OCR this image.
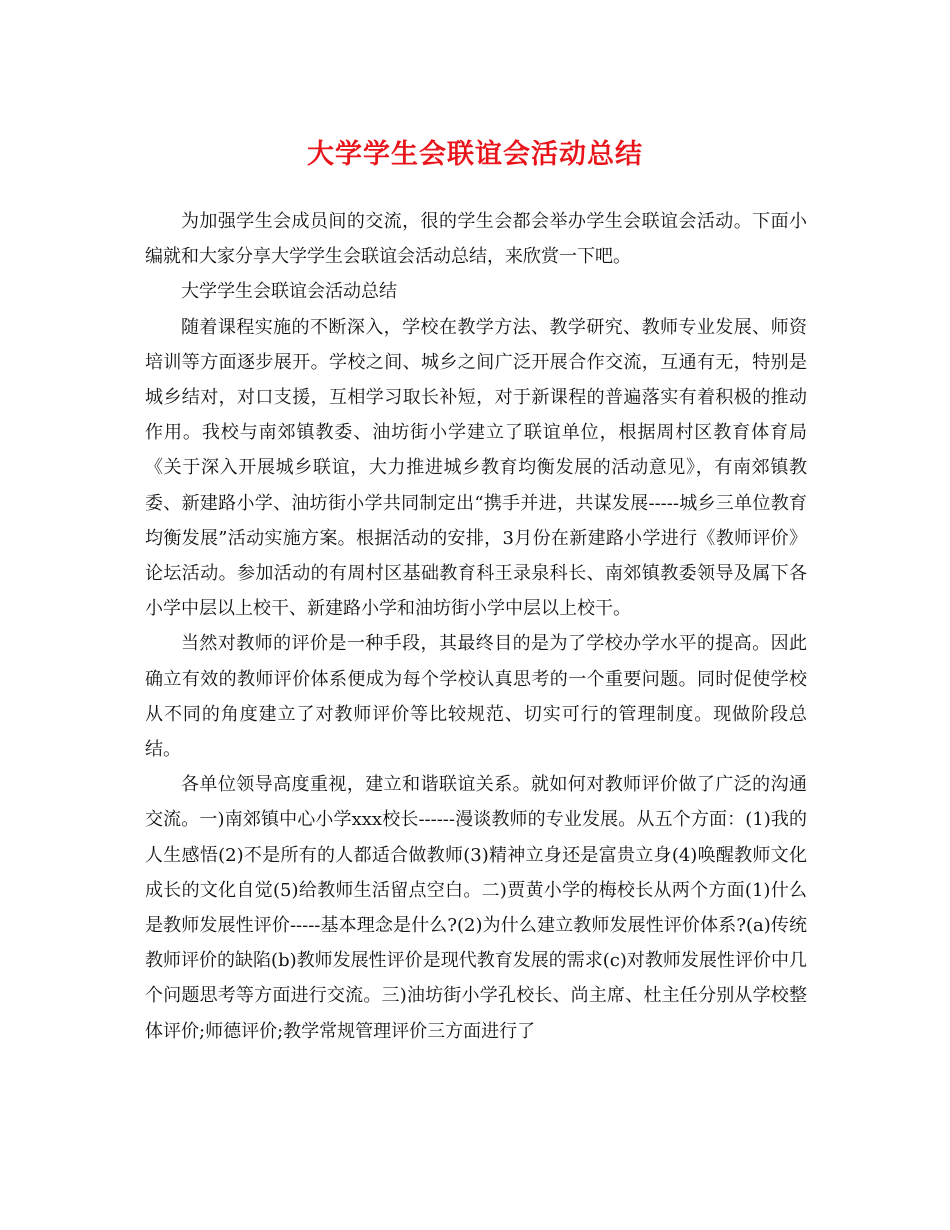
大学学生会联谊会活动总结

为加强学生会成员间的交流，很的学生会都会举办学生会联谊会活动。下面小编就和大家分享大学学生会联谊会活动总结，来欣赏一下吧。

大学学生会联谊会活动总结

随着课程实施的不断深入，学校在教学方法、教学研究、教师专业发展、师资培训等方面逐步展开。学校之间、城乡之间广泛开展合作交流，互通有无，特别是城乡结对，对口支援，互相学习取长补短，对于新课程的普遍落实有着积极的推动作用。我校与南郊镇教委、油坊街小学建立了联谊单位，根据周村区教育体育局《关于深入开展城乡联谊，大力推进城乡教育均衡发展的活动意见》，有南郊镇教委、新建路小学、油坊街小学共同制定出“携手并进，共谋发展-----城乡三单位教育均衡发展”活动实施方案。根据活动的安排，3月份在新建路小学进行《教师评价》论坛活动。参加活动的有周村区基础教育科王录泉科长、南郊镇教委领导及属下各小学中层以上校干、新建路小学和油坊街小学中层以上校干。

当然对教师的评价是一种手段，其最终目的是为了学校办学水平的提高。因此确立有效的教师评价体系便成为每个学校认真思考的一个重要问题。同时促使学校从不同的角度建立了对教师评价等比较规范、切实可行的管理制度。现做阶段总结。

各单位领导高度重视，建立和谐联谊关系。就如何对教师评价做了广泛的沟通交流。一)南郊镇中心小学xxx校长------漫谈教师的专业发展。从五个方面：(1)我的人生感悟(2)不是所有的人都适合做教师(3)精神立身还是富贵立身(4)唤醒教师文化成长的文化自觉(5)给教师生活留点空白。二)贾黄小学的梅校长从两个方面(1)什么是教师发展性评价-----基本理念是什么?(2)为什么建立教师发展性评价体系?(a)传统教师评价的缺陷(b)教师发展性评价是现代教育发展的需求(c)对教师发展性评价中几个问题思考等方面进行交流。三)油坊街小学孔校长、尚主席、杜主任分别从学校整体评价;师德评价;教学常规管理评价三方面进行了
